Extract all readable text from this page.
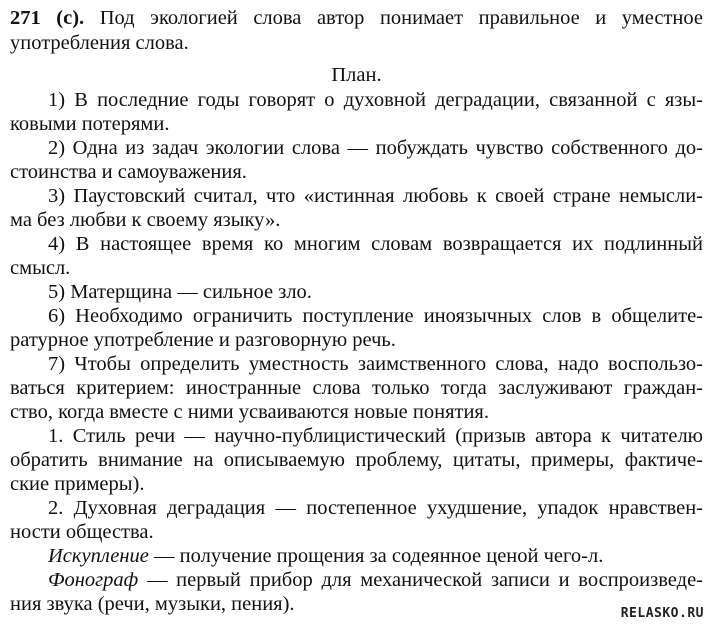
271 (с). Под экологией слова автор понимает правильное и уместное
употребления слова.
План.
1) В последние годы говорят о духовной деградации, связанной с язы-
ковыми потерями.
2) Одна из задач экологии слова — побуждать чувство собственного до-
стоинства и самоуважения.
3) Паустовский считал, что «истинная любовь к своей стране немысли-
ма без любви к своему языку».
4) В настоящее время ко многим словам возвращается их подлинный
смысл.
5) Матерщина — сильное зло.
6) Необходимо ограничить поступление иноязычных слов в общелите-
ратурное употребление и разговорную речь.
7) Чтобы определить уместность заимственного слова, надо воспользо-
ваться критерием: иностранные слова только тогда заслуживают граждан-
ство, когда вместе с ними усваиваются новые понятия.
1. Стиль речи — научно-публицистический (призыв автора к читателю
обратить внимание на описываемую проблему, цитаты, примеры, фактиче-
ские примеры).
2. Духовная деградация — постепенное ухудшение, упадок нравствен-
ности общества.
Искупление — получение прощения за содеянное ценой чего-л.
Фонограф — первый прибор для механической записи и воспроизведе-
ния звука (речи, музыки, пения).	RELASKO.RU
